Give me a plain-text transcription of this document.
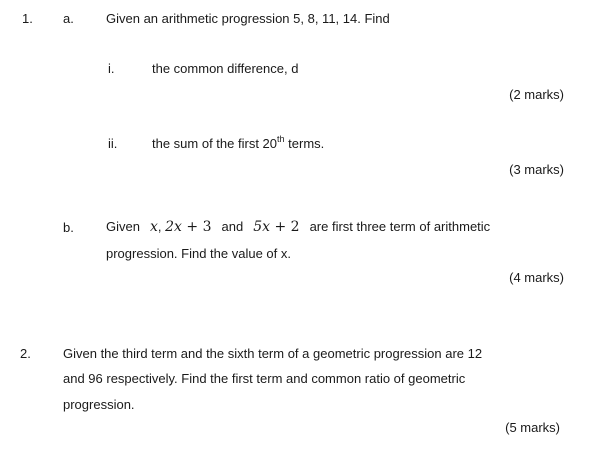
1. a. Given an arithmetic progression 5, 8, 11, 14. Find
i.	the common difference, d
(2 marks)
ii.	the sum of the first 20th terms.
(3 marks)
b. Given x, 2x + 3 and 5x + 2 are first three term of arithmetic
progression. Find the value of x.
(4 marks)
2. Given the third term and the sixth term of a geometric progression are 12
and 96 respectively. Find the first term and common ratio of geometric
progression.
(5 marks)
